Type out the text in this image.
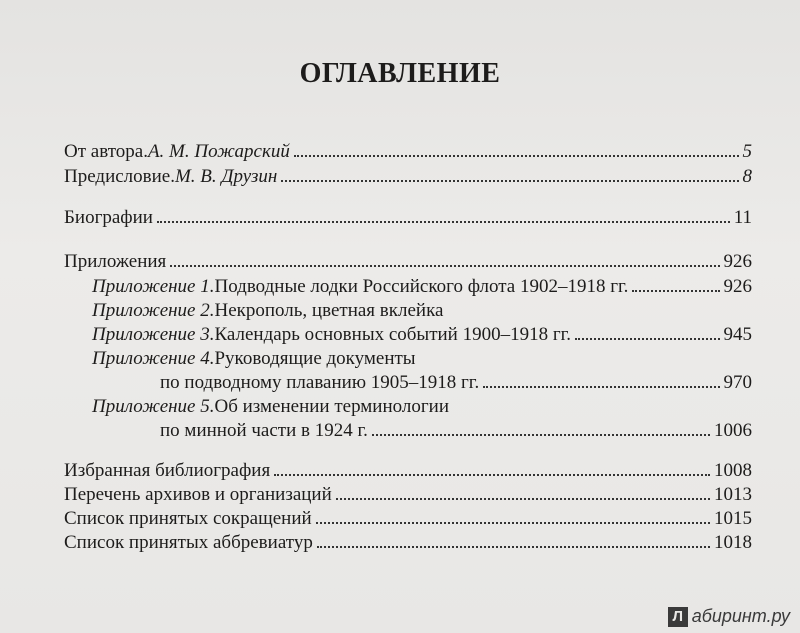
ОГЛАВЛЕНИЕ
От автора. А. М. Пожарский	5
Предисловие. М. В. Друзин	8
Биографии	11
Приложения	926
Приложение 1. Подводные лодки Российского флота 1902–1918 гг.	926
Приложение 2. Некрополь, цветная вклейка
Приложение 3. Календарь основных событий 1900–1918 гг.	945
Приложение 4. Руководящие документы
по подводному плаванию 1905–1918 гг.	970
Приложение 5. Об изменении терминологии
по минной части в 1924 г.	1006
Избранная библиография	1008
Перечень архивов и организаций	1013
Список принятых сокращений	1015
Список принятых аббревиатур	1018
Л абиринт.ру
